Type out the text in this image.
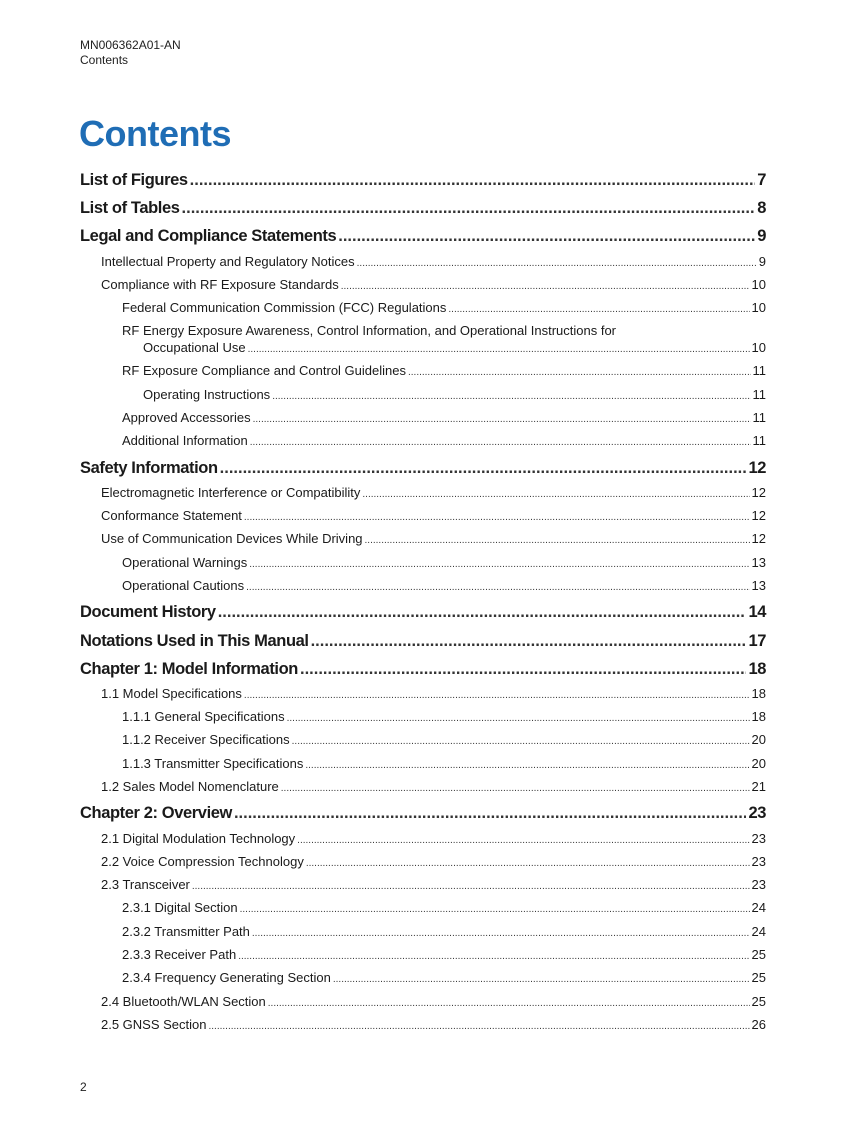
MN006362A01-AN
Contents
Contents
List of Figures .....	7
List of Tables .....	8
Legal and Compliance Statements .....	9
Intellectual Property and Regulatory Notices .....	9
Compliance with RF Exposure Standards .....	10
Federal Communication Commission (FCC) Regulations .....	10
RF Energy Exposure Awareness, Control Information, and Operational Instructions for
Occupational Use .....	10
RF Exposure Compliance and Control Guidelines .....	11
Operating Instructions .....	11
Approved Accessories .....	11
Additional Information .....	11
Safety Information .....	12
Electromagnetic Interference or Compatibility .....	12
Conformance Statement .....	12
Use of Communication Devices While Driving .....	12
Operational Warnings .....	13
Operational Cautions .....	13
Document History .....	14
Notations Used in This Manual .....	17
Chapter 1: Model Information .....	18
1.1 Model Specifications .....	18
1.1.1 General Specifications .....	18
1.1.2 Receiver Specifications .....	20
1.1.3 Transmitter Specifications .....	20
1.2 Sales Model Nomenclature .....	21
Chapter 2: Overview .....	23
2.1 Digital Modulation Technology .....	23
2.2 Voice Compression Technology .....	23
2.3 Transceiver .....	23
2.3.1 Digital Section .....	24
2.3.2 Transmitter Path .....	24
2.3.3 Receiver Path .....	25
2.3.4 Frequency Generating Section .....	25
2.4 Bluetooth/WLAN Section .....	25
2.5 GNSS Section .....	26
2
